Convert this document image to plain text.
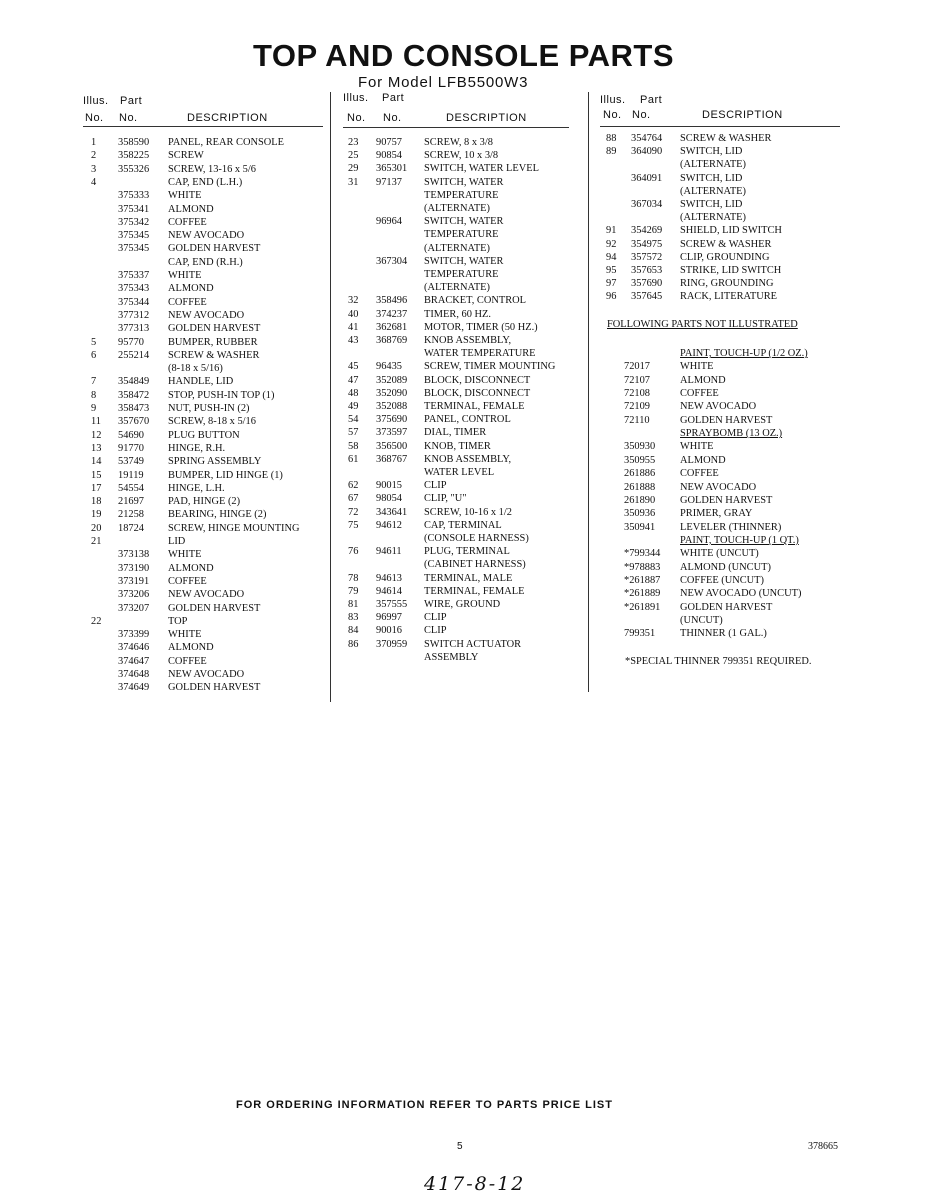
TOP AND CONSOLE PARTS
For Model LFB5500W3
Illus. Part
No. No.	DESCRIPTION
Illus. Part
No. No.	DESCRIPTION
Illus. Part
No. No.	DESCRIPTION
1 358590 PANEL, REAR CONSOLE
2 358225 SCREW
3 355326 SCREW, 13-16 x 5/6
4	CAP, END (L.H.)
375333 WHITE
375341 ALMOND
375342 COFFEE
375345 NEW AVOCADO
375345 GOLDEN HARVEST
CAP, END (R.H.)
375337 WHITE
375343 ALMOND
375344 COFFEE
377312 NEW AVOCADO
377313 GOLDEN HARVEST
5 95770 BUMPER, RUBBER
6 255214 SCREW & WASHER
(8-18 x 5/16)
7 354849 HANDLE, LID
8 358472 STOP, PUSH-IN TOP (1)
9 358473 NUT, PUSH-IN (2)
11 357670 SCREW, 8-18 x 5/16
12 54690 PLUG BUTTON
13 91770 HINGE, R.H.
14 53749 SPRING ASSEMBLY
15 19119 BUMPER, LID HINGE (1)
17 54554 HINGE, L.H.
18 21697 PAD, HINGE (2)
19 21258 BEARING, HINGE (2)
20 18724 SCREW, HINGE MOUNTING
21	LID
373138 WHITE
373190 ALMOND
373191 COFFEE
373206 NEW AVOCADO
373207 GOLDEN HARVEST
22	TOP
373399 WHITE
374646 ALMOND
374647 COFFEE
374648 NEW AVOCADO
374649 GOLDEN HARVEST
23 90757 SCREW, 8 x 3/8
25 90854 SCREW, 10 x 3/8
29 365301 SWITCH, WATER LEVEL
31 97137 SWITCH, WATER
TEMPERATURE
(ALTERNATE)
96964 SWITCH, WATER
TEMPERATURE
(ALTERNATE)
367304 SWITCH, WATER
TEMPERATURE
(ALTERNATE)
32 358496 BRACKET, CONTROL
40 374237 TIMER, 60 HZ.
41 362681 MOTOR, TIMER (50 HZ.)
43 368769 KNOB ASSEMBLY,
WATER TEMPERATURE
45 96435 SCREW, TIMER MOUNTING
47 352089 BLOCK, DISCONNECT
48 352090 BLOCK, DISCONNECT
49 352088 TERMINAL, FEMALE
54 375690 PANEL, CONTROL
57 373597 DIAL, TIMER
58 356500 KNOB, TIMER
61 368767 KNOB ASSEMBLY,
WATER LEVEL
62 90015 CLIP
67 98054 CLIP, "U"
72 343641 SCREW, 10-16 x 1/2
75 94612 CAP, TERMINAL
(CONSOLE HARNESS)
76 94611 PLUG, TERMINAL
(CABINET HARNESS)
78 94613 TERMINAL, MALE
79 94614 TERMINAL, FEMALE
81 357555 WIRE, GROUND
83 96997 CLIP
84 90016 CLIP
86 370959 SWITCH ACTUATOR
ASSEMBLY
88 354764 SCREW & WASHER
89 364090 SWITCH, LID
(ALTERNATE)
364091 SWITCH, LID
(ALTERNATE)
367034 SWITCH, LID
(ALTERNATE)
91 354269 SHIELD, LID SWITCH
92 354975 SCREW & WASHER
94 357572 CLIP, GROUNDING
95 357653 STRIKE, LID SWITCH
97 357690 RING, GROUNDING
96 357645 RACK, LITERATURE
FOLLOWING PARTS NOT ILLUSTRATED
PAINT, TOUCH-UP (1/2 OZ.)
72017	WHITE
72107	ALMOND
72108	COFFEE
72109	NEW AVOCADO
72110	GOLDEN HARVEST
SPRAYBOMB (13 OZ.)
350930 WHITE
350955 ALMOND
261886 COFFEE
261888 NEW AVOCADO
261890 GOLDEN HARVEST
350936 PRIMER, GRAY
350941 LEVELER (THINNER)
PAINT, TOUCH-UP (1 QT.)
*799344 WHITE (UNCUT)
*978883 ALMOND (UNCUT)
*261887 COFFEE (UNCUT)
*261889 NEW AVOCADO (UNCUT)
*261891 GOLDEN HARVEST
(UNCUT)
799351 THINNER (1 GAL.)
*SPECIAL THINNER 799351 REQUIRED.
FOR ORDERING INFORMATION REFER TO PARTS PRICE LIST
5	378665
417-8-12
